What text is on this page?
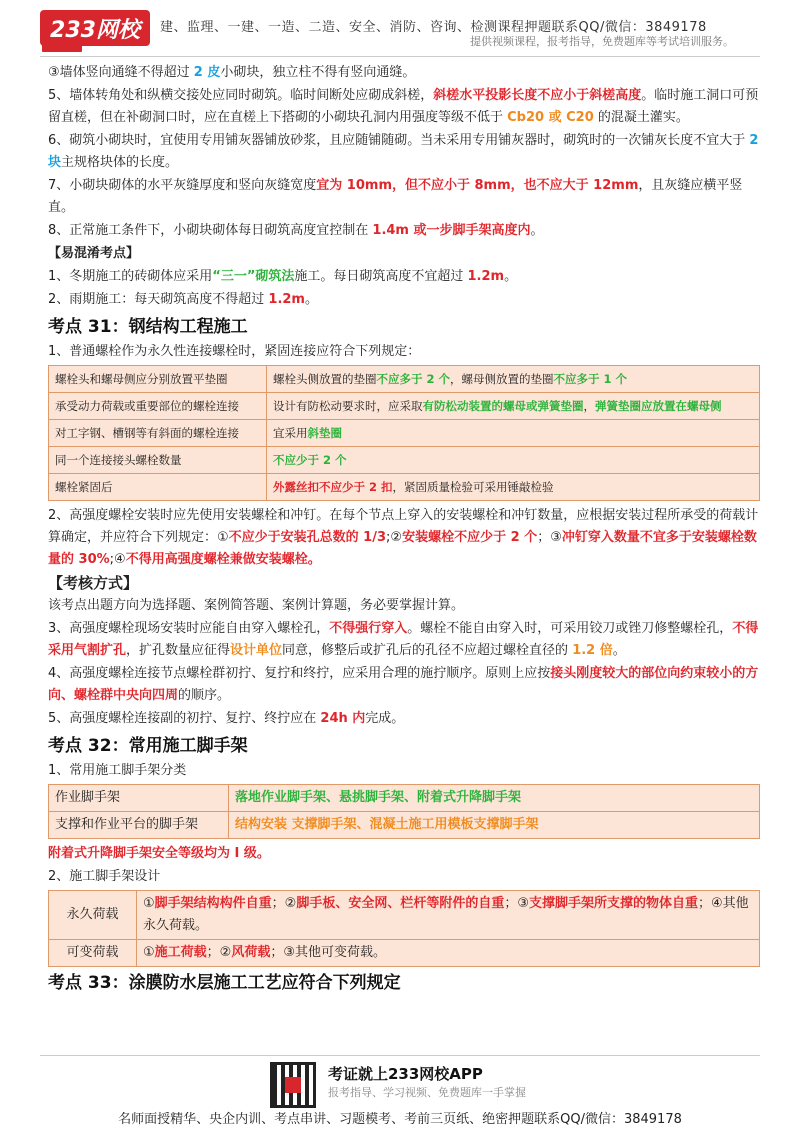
233网校	建、监理、一建、一造、二造、安全、消防、咨询、检测课程押题联系QQ/微信：3849178
提供视频课程，报考指导，免费题库等考试培训服务。

③墙体竖向通缝不得超过 2 皮小砌块，独立柱不得有竖向通缝。

5、墙体转角处和纵横交接处应同时砌筑。临时间断处应砌成斜槎，斜槎水平投影长度不应小于斜槎高度。临时施工洞口可预留直槎，但在补砌洞口时，应在直槎上下搭砌的小砌块孔洞内用强度等级不低于 Cb20 或 C20 的混凝土灌实。

6、砌筑小砌块时，宜使用专用铺灰器铺放砂浆，且应随铺随砌。当未采用专用铺灰器时，砌筑时的一次铺灰长度不宜大于 2 块主规格块体的长度。

7、小砌块砌体的水平灰缝厚度和竖向灰缝宽度宜为 10mm，但不应小于 8mm，也不应大于 12mm，且灰缝应横平竖直。

8、正常施工条件下，小砌块砌体每日砌筑高度宜控制在 1.4m 或一步脚手架高度内。

【易混淆考点】

1、冬期施工的砖砌体应采用“三一”砌筑法施工。每日砌筑高度不宜超过 1.2m。

2、雨期施工：每天砌筑高度不得超过 1.2m。

考点 31：钢结构工程施工

1、普通螺栓作为永久性连接螺栓时，紧固连接应符合下列规定：

螺栓头和螺母侧应分别放置平垫圈	螺栓头侧放置的垫圈不应多于 2 个，螺母侧放置的垫圈不应多于 1 个
承受动力荷载或重要部位的螺栓连接	设计有防松动要求时，应采取有防松动装置的螺母或弹簧垫圈，弹簧垫圈应放置在螺母侧
对工字钢、槽钢等有斜面的螺栓连接	宜采用斜垫圈
同一个连接接头螺栓数量	不应少于 2 个
螺栓紧固后	外露丝扣不应少于 2 扣，紧固质量检验可采用锤敲检验

2、高强度螺栓安装时应先使用安装螺栓和冲钉。在每个节点上穿入的安装螺栓和冲钉数量，应根据安装过程所承受的荷载计算确定，并应符合下列规定：①不应少于安装孔总数的 1/3;②安装螺栓不应少于 2 个；③冲钉穿入数量不宜多于安装螺栓数量的 30%;④不得用高强度螺栓兼做安装螺栓。

【考核方式】

该考点出题方向为选择题、案例简答题、案例计算题，务必要掌握计算。

3、高强度螺栓现场安装时应能自由穿入螺栓孔，不得强行穿入。螺栓不能自由穿入时，可采用铰刀或锉刀修整螺栓孔，不得采用气割扩孔，扩孔数量应征得设计单位同意，修整后或扩孔后的孔径不应超过螺栓直径的 1.2 倍。

4、高强度螺栓连接节点螺栓群初拧、复拧和终拧，应采用合理的施拧顺序。原则上应按接头刚度较大的部位向约束较小的方向、螺栓群中央向四周的顺序。

5、高强度螺栓连接副的初拧、复拧、终拧应在 24h 内完成。

考点 32：常用施工脚手架

1、常用施工脚手架分类

作业脚手架	落地作业脚手架、悬挑脚手架、附着式升降脚手架
支撑和作业平台的脚手架	结构安装 支撑脚手架、混凝土施工用模板支撑脚手架

附着式升降脚手架安全等级均为 I 级。

2、施工脚手架设计

永久荷载	①脚手架结构构件自重；②脚手板、安全网、栏杆等附件的自重；③支撑脚手架所支撑的物体自重；④其他永久荷载。
可变荷载	①施工荷载；②风荷载；③其他可变荷载。
考点 33：涂膜防水层施工工艺应符合下列规定
考证就上233网校APP
报考指导、学习视频、免费题库一手掌握
名师面授精华、央企内训、考点串讲、习题模考、考前三页纸、绝密押题联系QQ/微信：3849178
